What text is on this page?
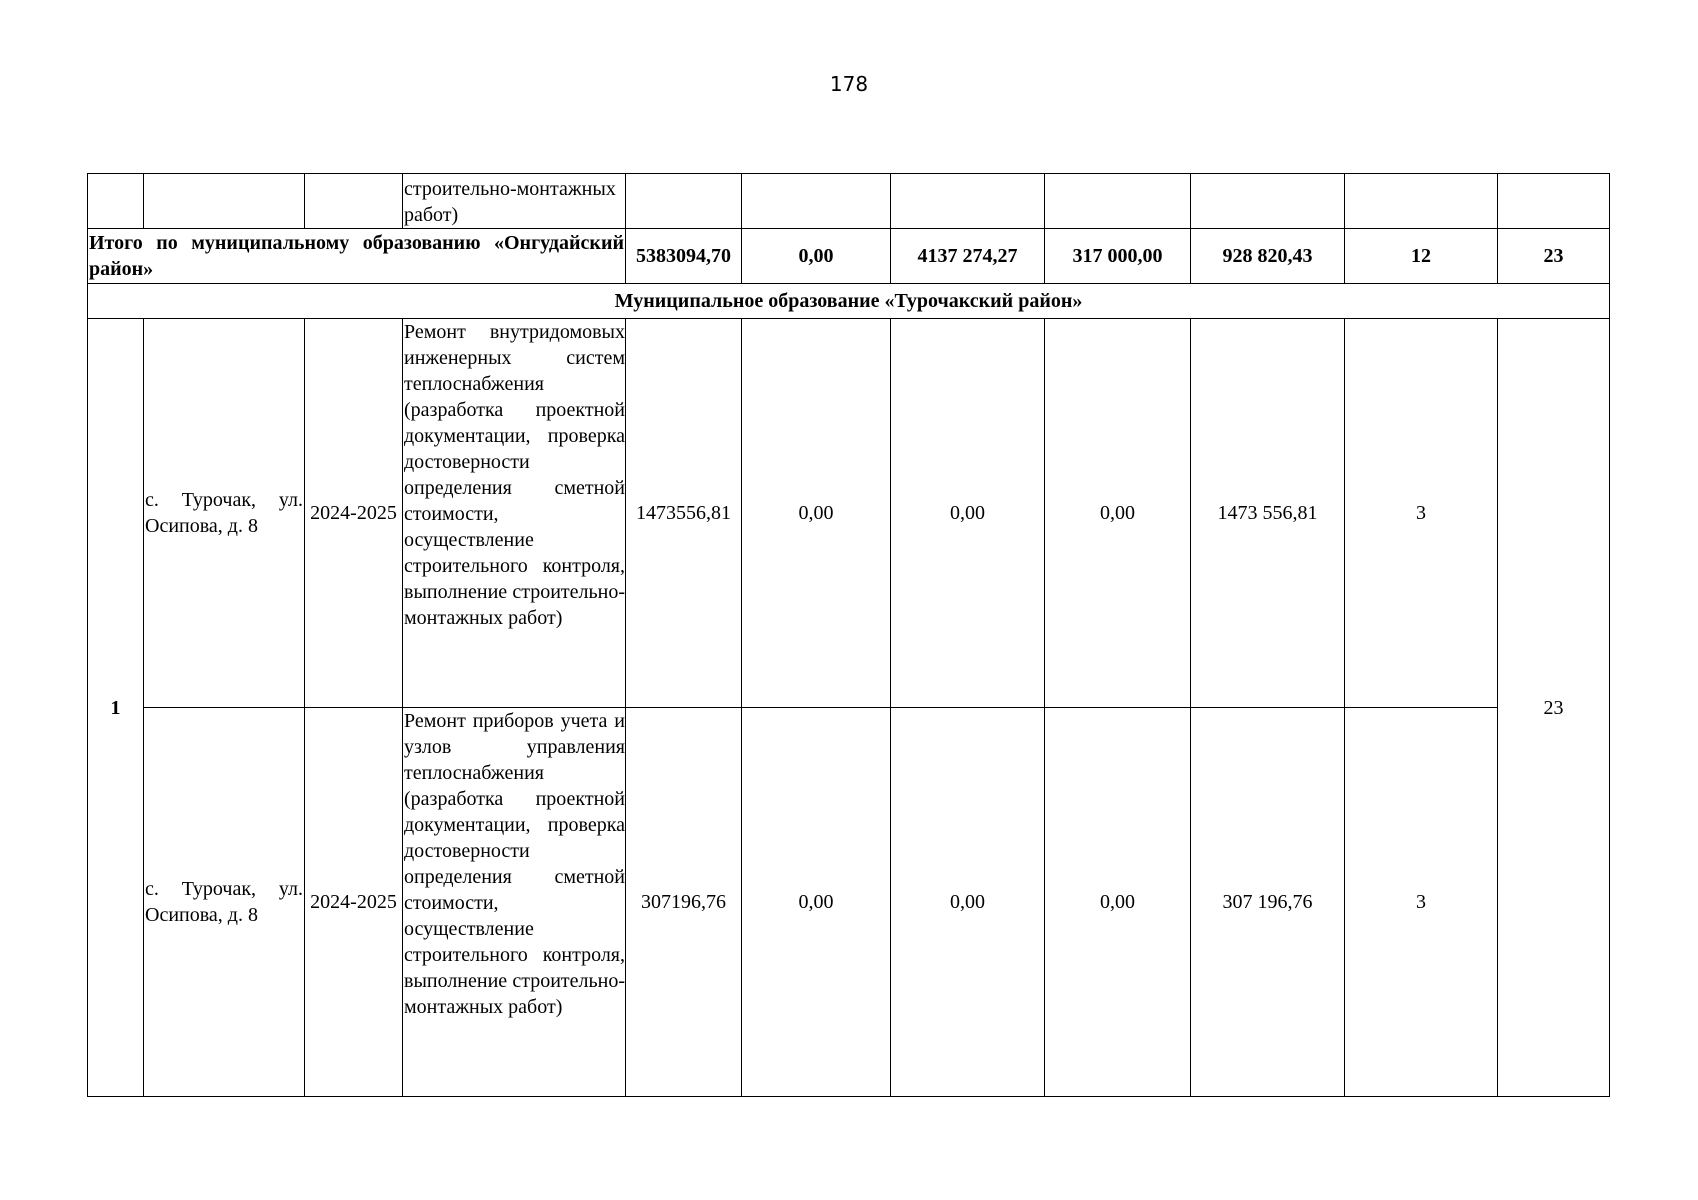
178
			строительно-монтажных работ)							
Итого по муниципальному образованию «Онгудайский район»				5383094,70	0,00	4137 274,27	317 000,00	928 820,43	12	23
Муниципальное образование «Турочакский район»										
1	с. Турочак, ул. Осипова, д. 8	2024-2025	Ремонт внутридомовых инженерных систем теплоснабжения (разработка проектной документации, проверка достоверности определения сметной стоимости, осуществление строительного контроля, выполнение строительно-монтажных работ)	1473556,81	0,00	0,00	0,00	1473 556,81	3	23
	с. Турочак, ул. Осипова, д. 8	2024-2025	Ремонт приборов учета и узлов управления теплоснабжения (разработка проектной документации, проверка достоверности определения сметной стоимости, осуществление строительного контроля, выполнение строительно-монтажных работ)	307196,76	0,00	0,00	0,00	307 196,76	3	
